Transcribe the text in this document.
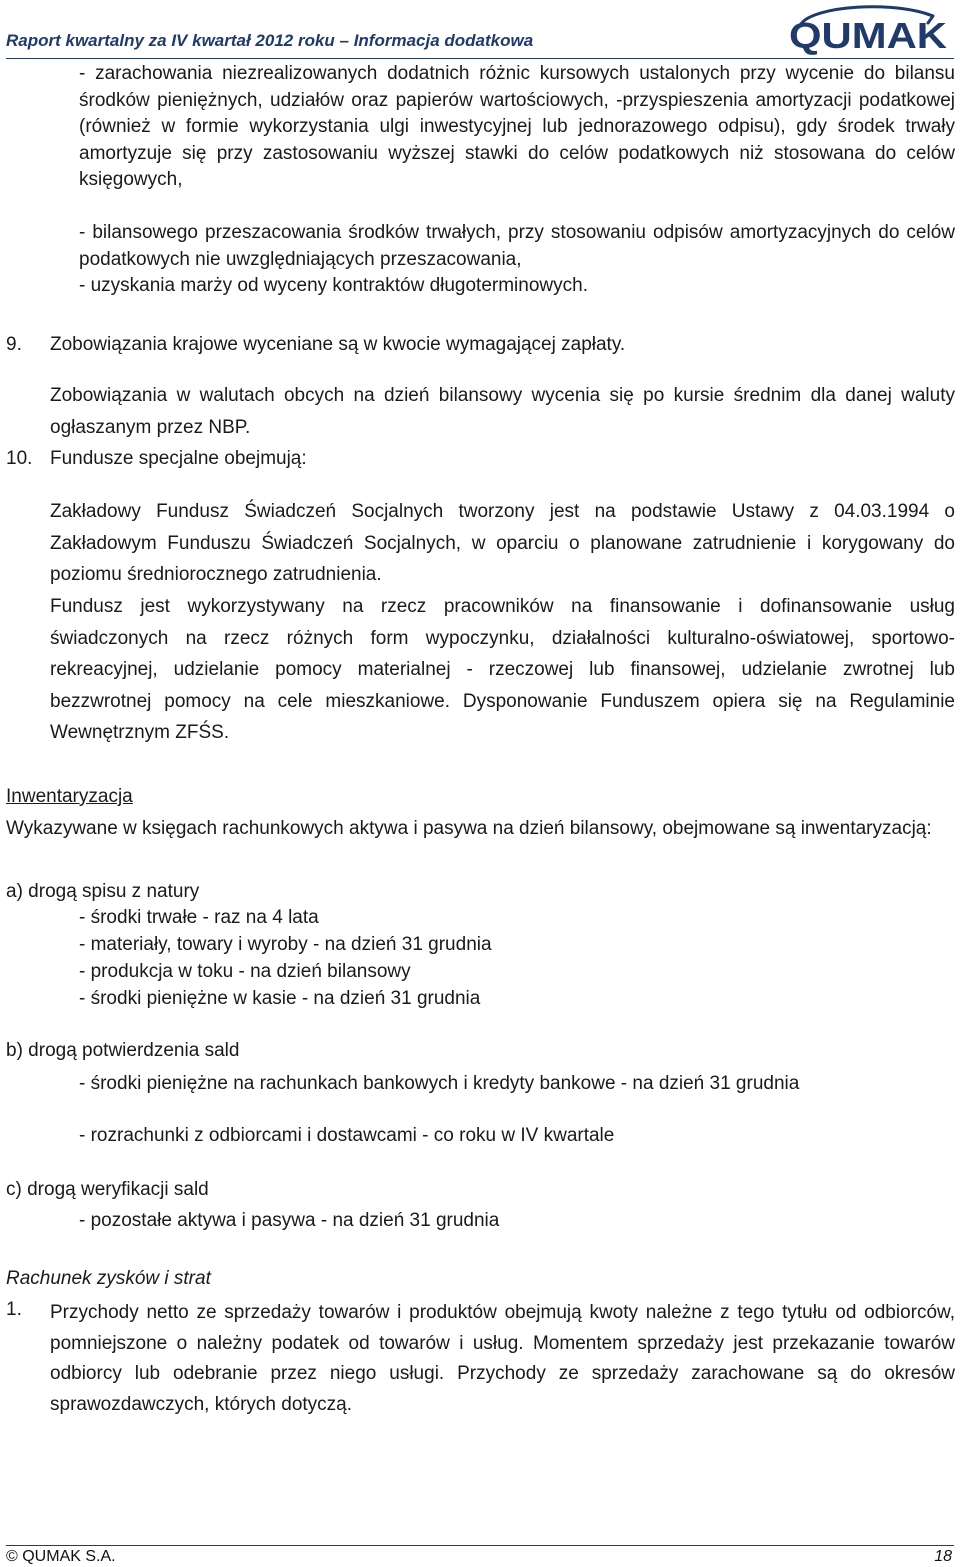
Raport kwartalny za IV kwartał 2012 roku – Informacja dodatkowa	QUMAK

- zarachowania niezrealizowanych dodatnich różnic kursowych ustalonych przy wycenie do bilansu środków pieniężnych, udziałów oraz papierów wartościowych, -przyspieszenia amortyzacji podatkowej (również w formie wykorzystania ulgi inwestycyjnej lub jednorazowego odpisu), gdy środek trwały amortyzuje się przy zastosowaniu wyższej stawki do celów podatkowych niż stosowana do celów księgowych,

- bilansowego przeszacowania środków trwałych, przy stosowaniu odpisów amortyzacyjnych do celów podatkowych nie uwzględniających przeszacowania,

- uzyskania marży od wyceny kontraktów długoterminowych.

9. Zobowiązania krajowe wyceniane są w kwocie wymagającej zapłaty.

Zobowiązania w walutach obcych na dzień bilansowy wycenia się po kursie średnim dla danej waluty ogłaszanym przez NBP.

10. Fundusze specjalne obejmują:

Zakładowy Fundusz Świadczeń Socjalnych tworzony jest na podstawie Ustawy z 04.03.1994 o Zakładowym Funduszu Świadczeń Socjalnych, w oparciu o planowane zatrudnienie i korygowany do poziomu średniorocznego zatrudnienia.

Fundusz jest wykorzystywany na rzecz pracowników na finansowanie i dofinansowanie usług świadczonych na rzecz różnych form wypoczynku, działalności kulturalno-oświatowej, sportowo-rekreacyjnej, udzielanie pomocy materialnej - rzeczowej lub finansowej, udzielanie zwrotnej lub bezzwrotnej pomocy na cele mieszkaniowe. Dysponowanie Funduszem opiera się na Regulaminie Wewnętrznym ZFŚS.

Inwentaryzacja

Wykazywane w księgach rachunkowych aktywa i pasywa na dzień bilansowy, obejmowane są inwentaryzacją:

a) drogą spisu z natury
- środki trwałe - raz na 4 lata
- materiały, towary i wyroby - na dzień 31 grudnia
- produkcja w toku - na dzień bilansowy
- środki pieniężne w kasie - na dzień 31 grudnia
b) drogą potwierdzenia sald

- środki pieniężne na rachunkach bankowych i kredyty bankowe - na dzień 31 grudnia

- rozrachunki z odbiorcami i dostawcami - co roku w IV kwartale
c) drogą weryfikacji sald
- pozostałe aktywa i pasywa - na dzień 31 grudnia
Rachunek zysków i strat
1. Przychody netto ze sprzedaży towarów i produktów obejmują kwoty należne z tego tytułu od odbiorców, pomniejszone o należny podatek od towarów i usług. Momentem sprzedaży jest przekazanie towarów odbiorcy lub odebranie przez niego usługi. Przychody ze sprzedaży zarachowane są do okresów sprawozdawczych, których dotyczą.

© QUMAK S.A.	18
